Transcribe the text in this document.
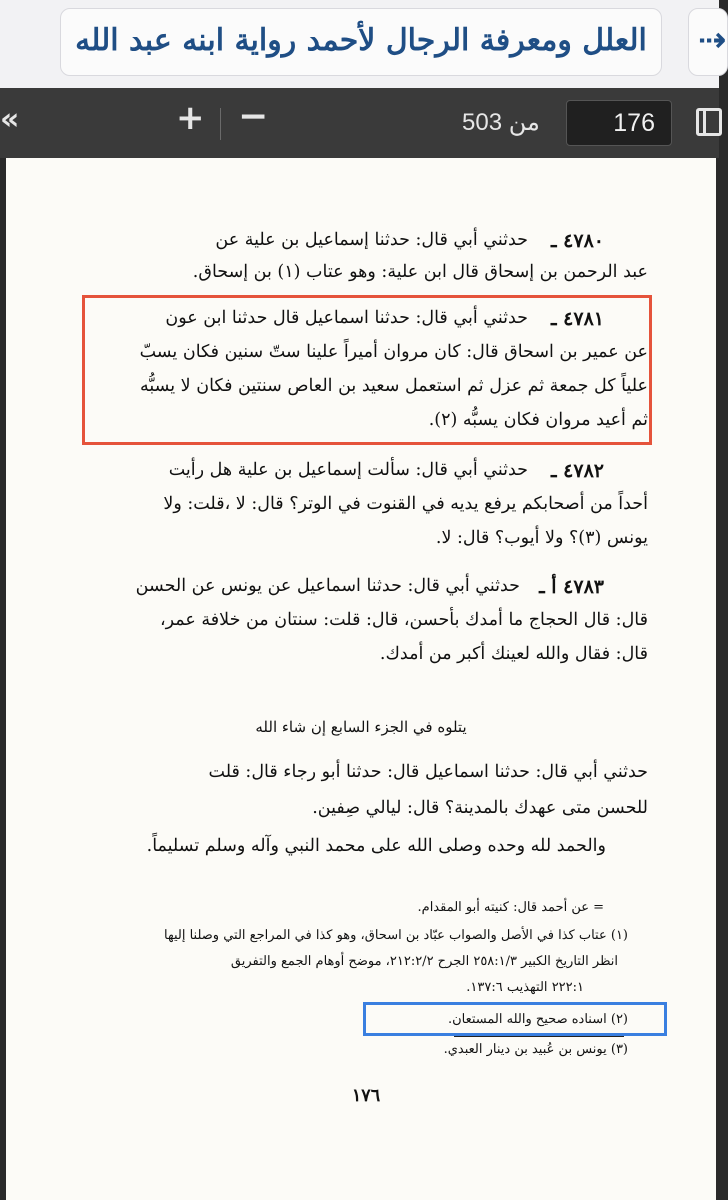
العلل ومعرفة الرجال لأحمد رواية ابنه عبد الله	⇢
«	+ −	من 503	176
٤٧٨٠ ـ
حدثني أبي قال: حدثنا إسماعيل بن علية عن
عبد الرحمن بن إسحاق قال ابن علية: وهو عتاب (١) بن إسحاق.
٤٧٨١ ـ
حدثني أبي قال: حدثنا اسماعيل قال حدثنا ابن عون
عن عمير بن اسحاق قال: كان مروان أميراً علينا ستّ سنين فكان يسبّ
علياً كل جمعة ثم عزل ثم استعمل سعيد بن العاص سنتين فكان لا يسبُّه
ثم أعيد مروان فكان يسبُّه (٢).
٤٧٨٢ ـ
حدثني أبي قال: سألت إسماعيل بن علية هل رأيت
أحداً من أصحابكم يرفع يديه في القنوت في الوتر؟ قال: لا ،قلت: ولا
يونس (٣)؟ ولا أيوب؟ قال: لا.
٤٧٨٣ أ ـ
حدثني أبي قال: حدثنا اسماعيل عن يونس عن الحسن
قال: قال الحجاج ما أمدك بأحسن، قال: قلت: سنتان من خلافة عمر،
قال: فقال والله لعينك أكبر من أمدك.
يتلوه في الجزء السابع إن شاء الله
حدثني أبي قال: حدثنا اسماعيل قال: حدثنا أبو رجاء قال: قلت
للحسن متى عهدك بالمدينة؟ قال: ليالي صِفين.
والحمد لله وحده وصلى الله على محمد النبي وآله وسلم تسليماً.
= عن أحمد قال: كنيته أبو المقدام.
(١) عتاب كذا في الأصل والصواب عبّاد بن اسحاق، وهو كذا في المراجع التي وصلنا إليها
انظر التاريخ الكبير ٢٥٨:١/٣ الجرح ٢١٢:٢/٢، موضح أوهام الجمع والتفريق
٢٢٢:١ التهذيب ١٣٧:٦.
(٢) اسناده صحيح والله المستعان.
(٣) يونس بن عُبيد بن دينار العبدي.
١٧٦
